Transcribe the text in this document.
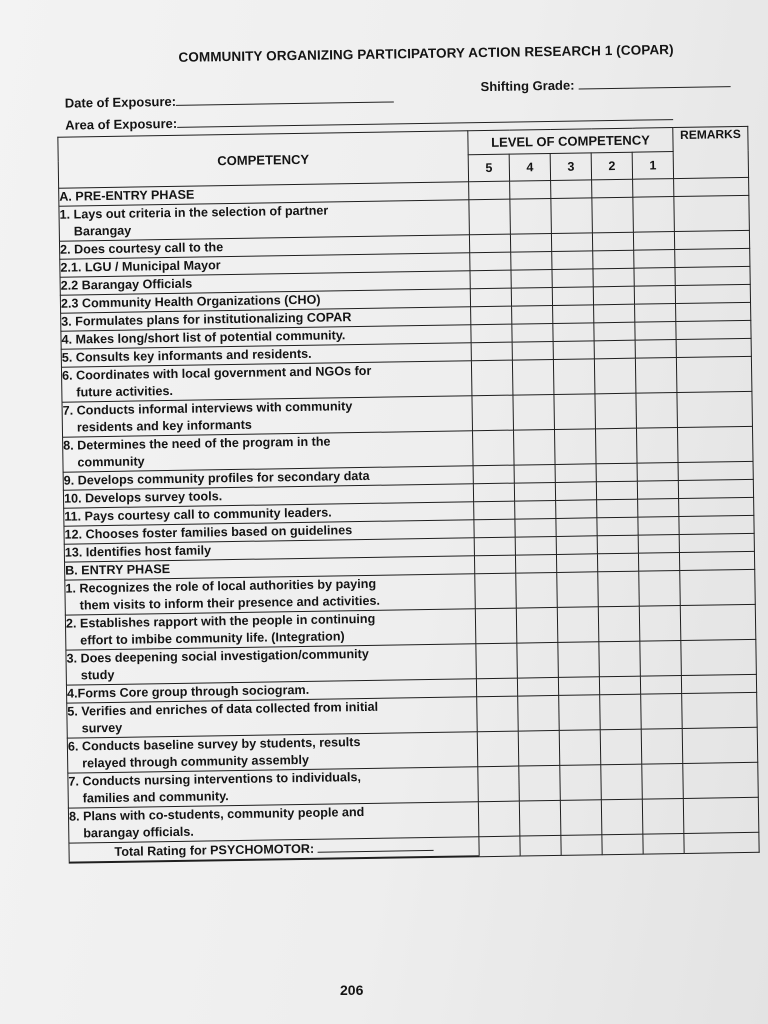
COMMUNITY ORGANIZING PARTICIPATORY ACTION RESEARCH 1 (COPAR)
Date of Exposure:
Area of Exposure:
Shifting Grade:
COMPETENCY	LEVEL OF COMPETENCY					REMARKS
	5	4	3	2	1	
A. PRE-ENTRY PHASE						
1. Lays out criteria in the selection of partner
Barangay						

2. Does courtesy call to the						
2.1. LGU / Municipal Mayor						
2.2 Barangay Officials						
2.3 Community Health Organizations (CHO)						
3. Formulates plans for institutionalizing COPAR						
4. Makes long/short list of potential community.						
5. Consults key informants and residents.						
6. Coordinates with local government and NGOs for
future activities.						

7. Conducts informal interviews with community
residents and key informants						

8. Determines the need of the program in the
community						

9. Develops community profiles for secondary data						
10. Develops survey tools.						
11. Pays courtesy call to community leaders.						
12. Chooses foster families based on guidelines						
13. Identifies host family						
B. ENTRY PHASE						
1. Recognizes the role of local authorities by paying
them visits to inform their presence and activities.						

2. Establishes rapport with the people in continuing
effort to imbibe community life. (Integration)						

3. Does deepening social investigation/community
study						

4.Forms Core group through sociogram.						
5. Verifies and enriches of data collected from initial
survey						

6. Conducts baseline survey by students, results
relayed through community assembly						

7. Conducts nursing interventions to individuals,
families and community.						

8. Plans with co-students, community people and
barangay officials.						

Total Rating for PSYCHOMOTOR:						
206
